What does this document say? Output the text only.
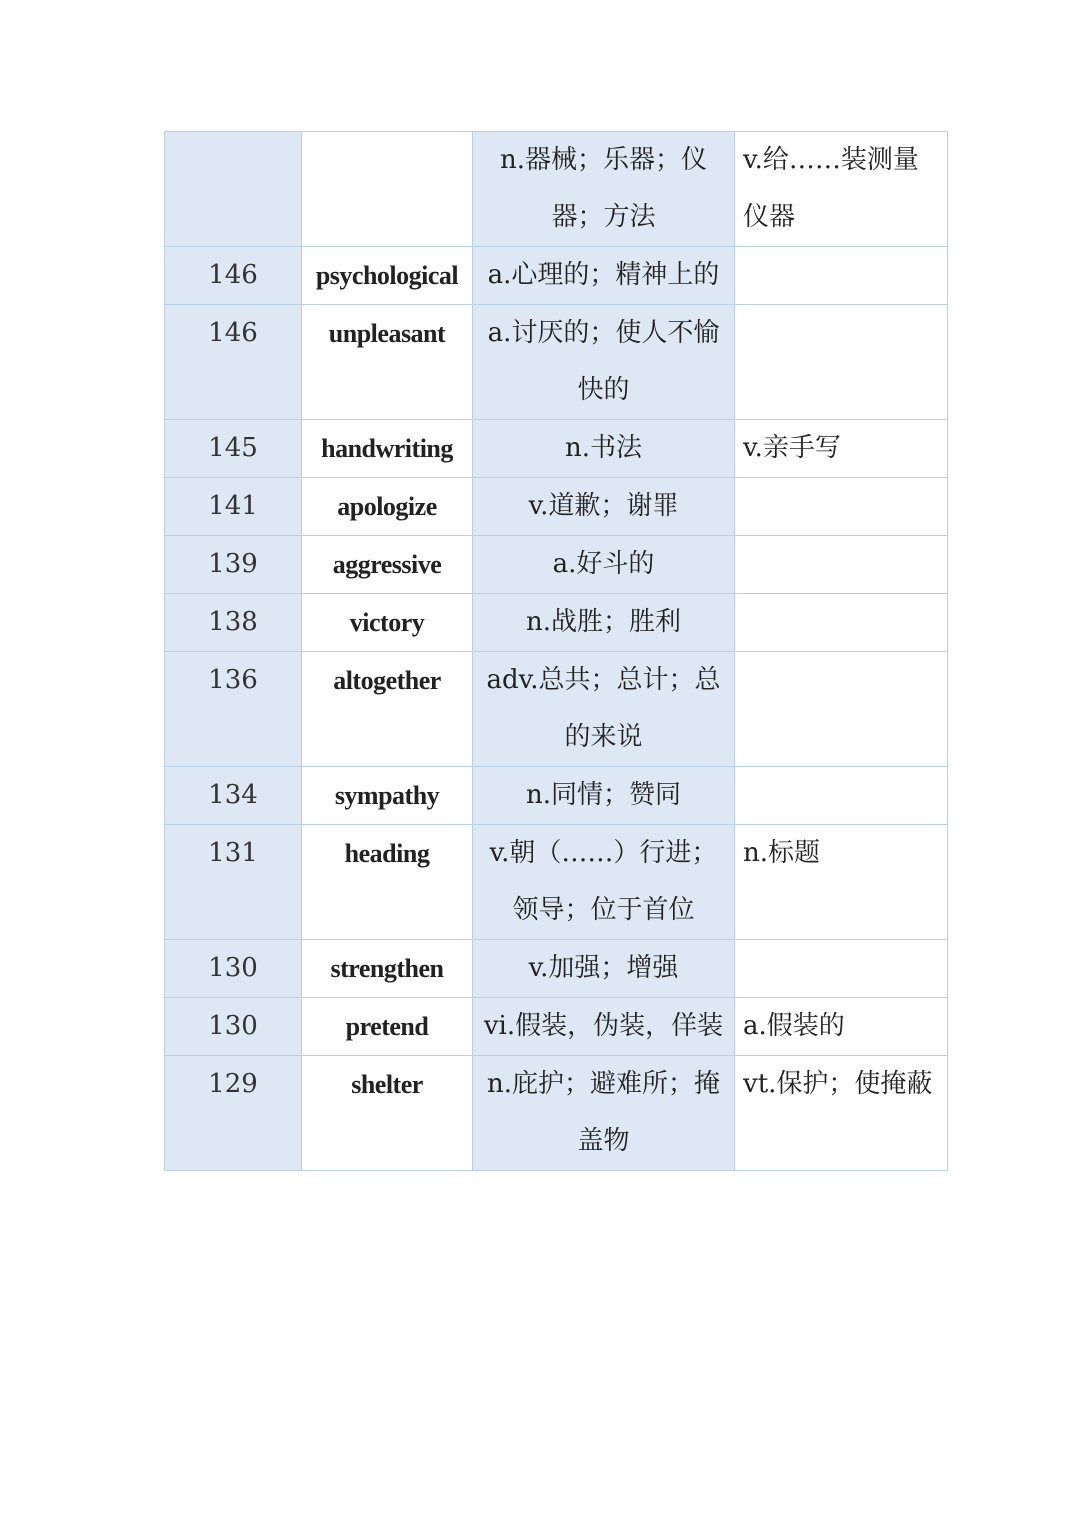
		n.器械；乐器；仪器；方法	v.给……装测量仪器
146	psychological	a.心理的；精神上的	
146	unpleasant	a.讨厌的；使人不愉快的	
145	handwriting	n.书法	v.亲手写
141	apologize	v.道歉；谢罪	
139	aggressive	a.好斗的	
138	victory	n.战胜；胜利	
136	altogether	adv.总共；总计；总的来说	
134	sympathy	n.同情；赞同	
131	heading	v.朝（……）行进；领导；位于首位	n.标题
130	strengthen	v.加强；增强	
130	pretend	vi.假装，伪装，佯装	a.假装的
129	shelter	n.庇护；避难所；掩盖物	vt.保护；使掩蔽
